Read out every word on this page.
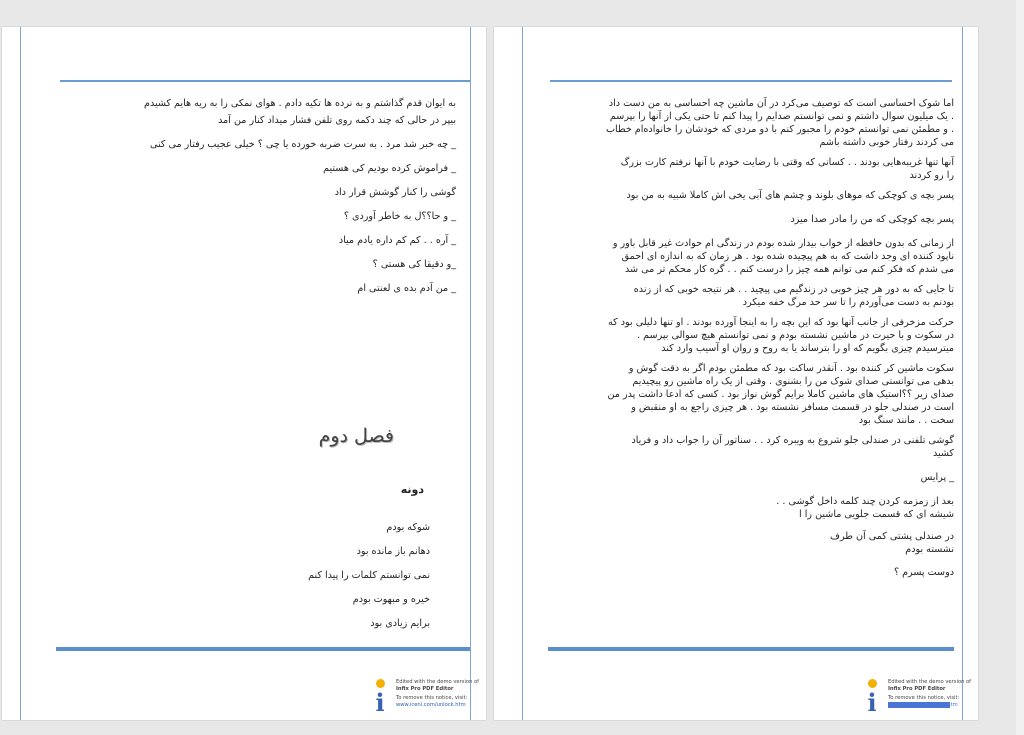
به ایوان قدم گذاشتم و به نرده ها تکیه دادم . هوای نمکی را به ریه هایم کشیدم
بیپر در حالی که چند دکمه روی تلفن فشار میداد کنار من آمد
_ چه خبر شد مرد . به سرت ضربه خورده یا چی ؟ خیلی عجیب رفتار می کنی
_ فراموش کرده بودیم کی هستیم
گوشی را کنار گوشش قرار داد
_ و حا؟؟ل به خاطر آوردی ؟
_ آره . . کم کم داره یادم میاد
_و دقیقا کی هستی ؟
_ من آدم بده ی لعنتی ام
فصل دوم
دونه
شوکه بودم
دهانم باز مانده بود
نمی توانستم کلمات را پیدا کنم
خیره و مبهوت بودم
برایم زیادی بود
i
Edited with the demo version of
Infix Pro PDF Editor
To remove this notice, visit:
www.iceni.com/unlock.htm
اما شوک احساسی است که توصیف می‌کرد در آن ماشین چه احساسی به من دست داد
. یک میلیون سوال داشتم و نمی توانستم صدایم را پیدا کنم تا حتی یکی از آنها را بپرسم
. و مطمئن نمی توانستم خودم را مجبور کنم با دو مردی که خودشان را خانواده‌ام خطاب
می کردند رفتار خوبی داشته باشم
آنها تنها غریبه‌هایی بودند . . کسانی که وقتی با رضایت خودم با آنها نرفتم کارت بزرگ
را رو کردند
پسر بچه ی کوچکی که موهای بلوند و چشم های آبی یخی اش کاملا شبیه به من بود
پسر بچه کوچکی که من را مادر صدا میزد
از زمانی که بدون حافظه از خواب بیدار شده بودم در زندگی ام حوادث غیر قابل باور و
ناپود کننده ای وجد داشت که به هم پیچیده شده بود . هر زمان که به اندازه ای احمق
می شدم که فکر کنم می توانم همه چیز را درست کنم . . گره کار محکم تر می شد
تا جایی که به دور هر چیز خوبی در زندگیم می پیچید . . هر نتیجه خوبی که از زنده
بودنم به دست می‌آوردم را تا سر حد مرگ خفه میکرد
حرکت مزخرفی از جانب آنها بود که این بچه را به اینجا آورده بودند . او تنها دلیلی بود که
در سکوت و با حیرت در ماشین نشسته بودم و نمی توانستم هیچ سوالی بپرسم .
میترسیدم چیزی بگویم که او را بترساند یا به روح و روان او آسیب وارد کند
سکوت ماشین کر کننده بود . آنقدر ساکت بود که مطمئن بودم اگر به دقت گوش و
بدهی می توانستی صدای شوک من را بشنوی . وقتی از یک راه ماشین رو پیچیدیم
صدای زیر ؟؟استیک های ماشین کاملا برایم گوش نواز بود . کسی که ادعا داشت پدر من
است در صندلی جلو در قسمت مسافر نشسته بود . هر چیزی راجع به او منقبض و
سخت . . مانند سنگ بود
گوشی تلفنی در صندلی جلو شروع به ویبره کرد . . سناتور آن را جواب داد و فریاد
کشید
_ پرایس
بعد از زمزمه کردن چند کلمه داخل گوشی . .
شیشه ای که قسمت جلویی ماشین را ا
در صندلی پشتی کمی آن طرف
نشسته بودم
دوست پسرم ؟
i
Edited with the demo version of
Infix Pro PDF Editor
To remove this notice, visit:
www.iceni.com/unlock.htm
